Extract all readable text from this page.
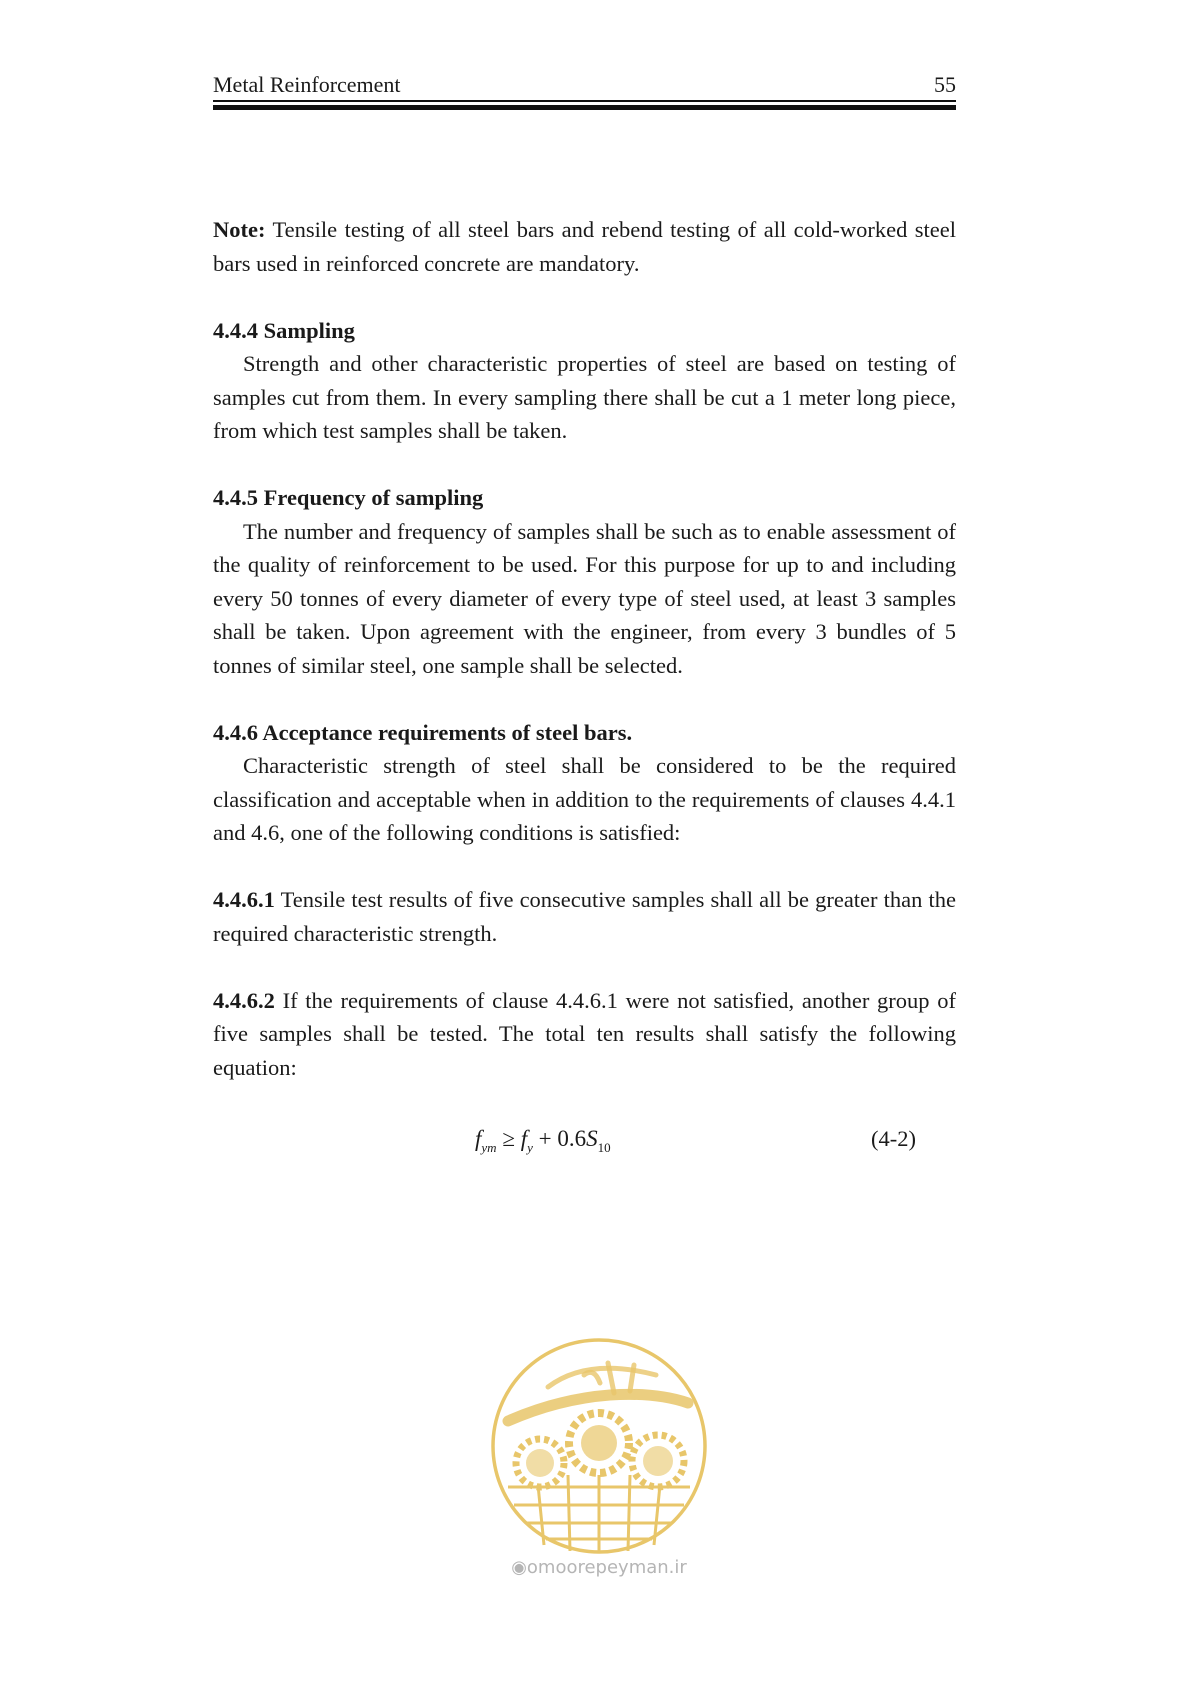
Metal Reinforcement	55

Note: Tensile testing of all steel bars and rebend testing of all cold-worked steel bars used in reinforced concrete are mandatory.

4.4.4 Sampling

Strength and other characteristic properties of steel are based on testing of samples cut from them. In every sampling there shall be cut a 1 meter long piece, from which test samples shall be taken.

4.4.5 Frequency of sampling

The number and frequency of samples shall be such as to enable assessment of the quality of reinforcement to be used. For this purpose for up to and including every 50 tonnes of every diameter of every type of steel used, at least 3 samples shall be taken. Upon agreement with the engineer, from every 3 bundles of 5 tonnes of similar steel, one sample shall be selected.

4.4.6 Acceptance requirements of steel bars.

Characteristic strength of steel shall be considered to be the required classification and acceptable when in addition to the requirements of clauses 4.4.1 and 4.6, one of the following conditions is satisfied:

4.4.6.1 Tensile test results of five consecutive samples shall all be greater than the required characteristic strength.

4.4.6.2 If the requirements of clause 4.4.6.1 were not satisfied, another group of five samples shall be tested. The total ten results shall satisfy the following equation:

$f_{ym} \ge f_y + 0.6S_{10}$	(4-2)
◉omoorepeyman.ir
